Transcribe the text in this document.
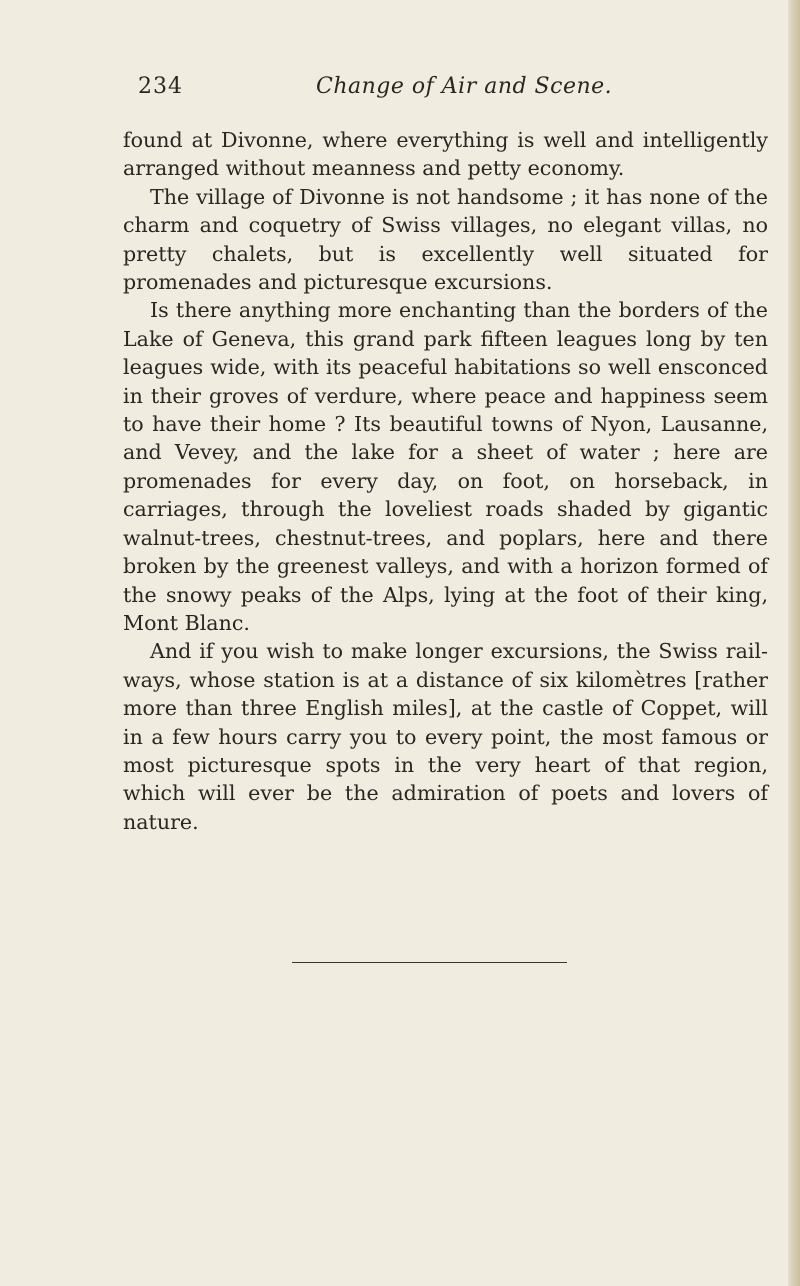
234	Change of Air and Scene.

found at Divonne, where everything is well and intelligently arranged without meanness and petty economy.

The village of Divonne is not handsome ; it has none of the charm and coquetry of Swiss villages, no elegant villas, no pretty chalets, but is excellently well situated for promenades and picturesque excursions.

Is there anything more enchanting than the borders of the Lake of Geneva, this grand park fifteen leagues long by ten leagues wide, with its peaceful habitations so well ensconced in their groves of verdure, where peace and happiness seem to have their home ? Its beautiful towns of Nyon, Lausanne, and Vevey, and the lake for a sheet of water ; here are promenades for every day, on foot, on horseback, in carriages, through the loveliest roads shaded by gigantic walnut-trees, chestnut-trees, and poplars, here and there broken by the greenest valleys, and with a horizon formed of the snowy peaks of the Alps, lying at the foot of their king, Mont Blanc.

And if you wish to make longer excursions, the Swiss rail-ways, whose station is at a distance of six kilomètres [rather more than three English miles], at the castle of Coppet, will in a few hours carry you to every point, the most famous or most picturesque spots in the very heart of that region, which will ever be the admiration of poets and lovers of nature.
